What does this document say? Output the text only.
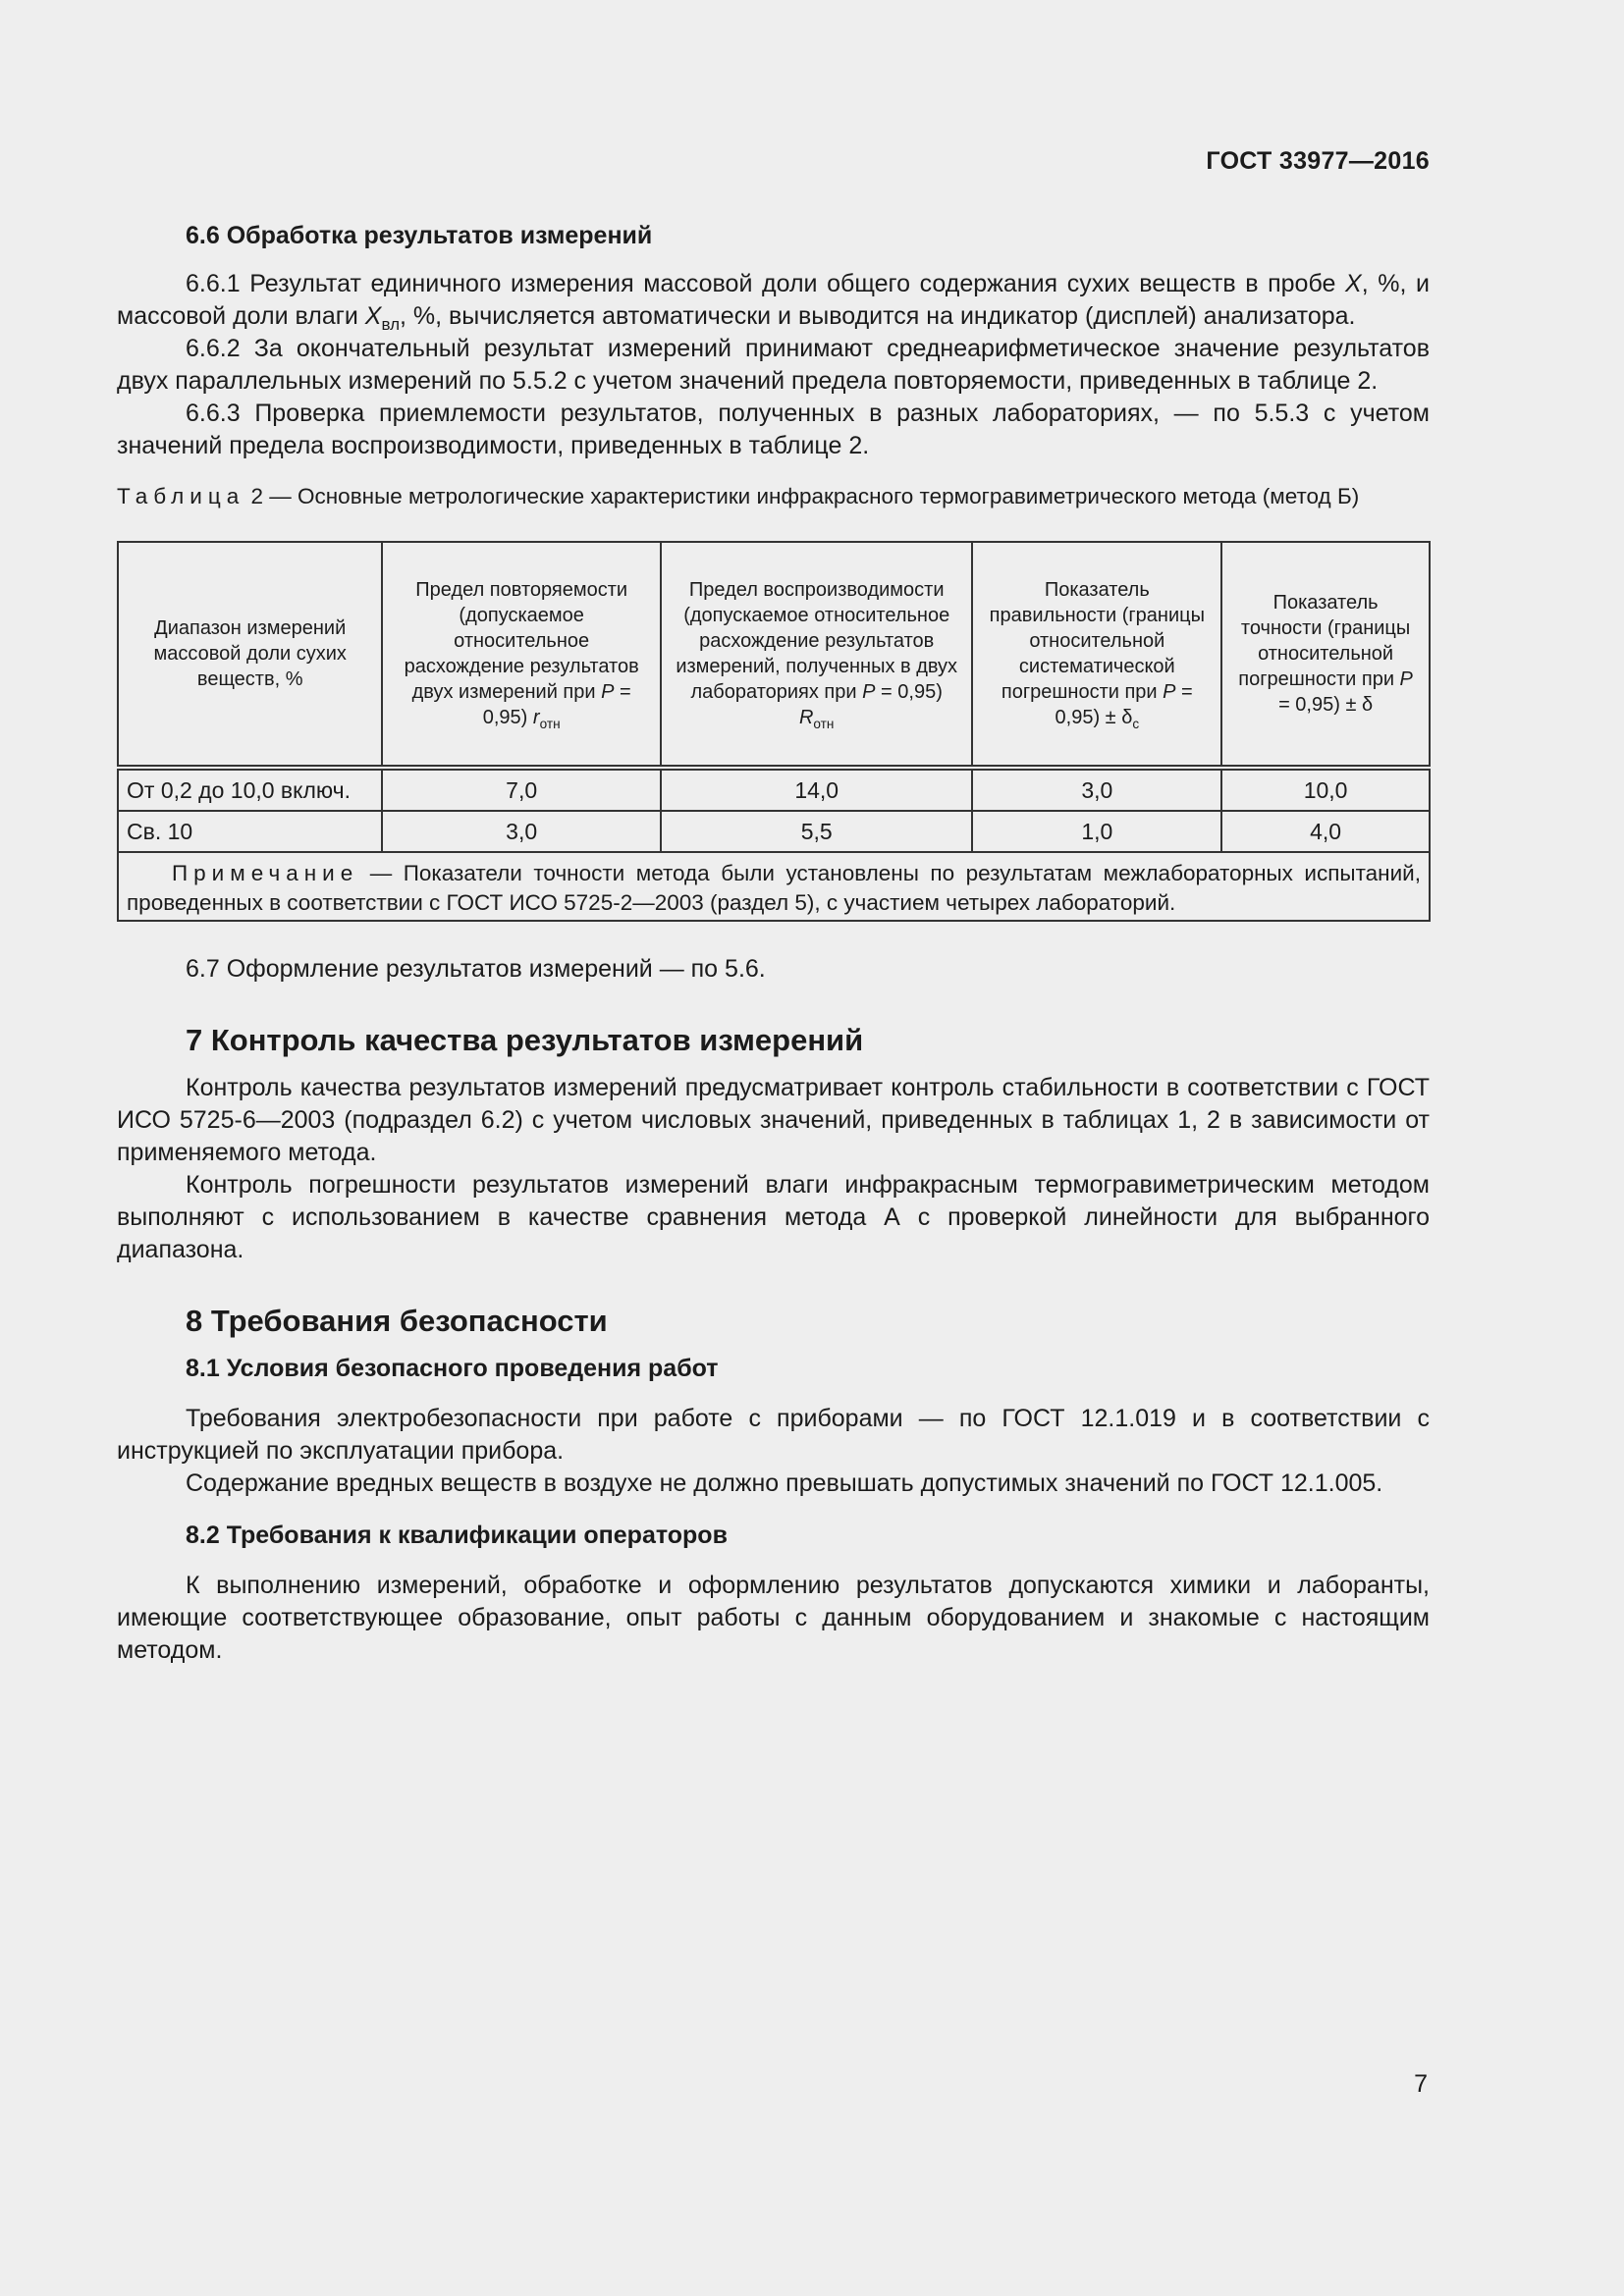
ГОСТ 33977—2016
6.6 Обработка результатов измерений

6.6.1 Результат единичного измерения массовой доли общего содержания сухих веществ в пробе X, %, и массовой доли влаги $X_{вл}$, %, вычисляется автоматически и выводится на индикатор (дисплей) анализатора.

6.6.2 За окончательный результат измерений принимают среднеарифметическое значение результатов двух параллельных измерений по 5.5.2 с учетом значений предела повторяемости, приведенных в таблице 2.

6.6.3 Проверка приемлемости результатов, полученных в разных лабораториях, — по 5.5.3 с учетом значений предела воспроизводимости, приведенных в таблице 2.

Таблица 2 — Основные метрологические характеристики инфракрасного термогравиметрического метода (метод Б)

Диапазон измерений массовой доли сухих веществ, %	Предел повторяемости (допускаемое относительное расхождение результатов двух измерений при P = 0,95) $r_{отн}$	Предел воспроизводимости (допускаемое относительное расхождение результатов измерений, полученных в двух лабораториях при P = 0,95) $R_{отн}$	Показатель правильности (границы относительной систематической погрешности при $P = 0,95) \pm \delta_c$	Показатель точности (границы относительной погрешности при P = 0,95) ± δ
От 0,2 до 10,0 включ.	7,0	14,0	3,0	10,0
Св. 10	3,0	5,5	1,0	4,0
Примечание — Показатели точности метода были установлены по результатам межлабораторных испытаний, проведенных в соответствии с ГОСТ ИСО 5725-2—2003 (раздел 5), с участием четырех лабораторий.				

6.7 Оформление результатов измерений — по 5.6.

7 Контроль качества результатов измерений

Контроль качества результатов измерений предусматривает контроль стабильности в соответствии с ГОСТ ИСО 5725-6—2003 (подраздел 6.2) с учетом числовых значений, приведенных в таблицах 1, 2 в зависимости от применяемого метода.

Контроль погрешности результатов измерений влаги инфракрасным термогравиметрическим методом выполняют с использованием в качестве сравнения метода А с проверкой линейности для выбранного диапазона.

8 Требования безопасности
8.1 Условия безопасного проведения работ

Требования электробезопасности при работе с приборами — по ГОСТ 12.1.019 и в соответствии с инструкцией по эксплуатации прибора.

Содержание вредных веществ в воздухе не должно превышать допустимых значений по ГОСТ 12.1.005.

8.2 Требования к квалификации операторов

К выполнению измерений, обработке и оформлению результатов допускаются химики и лаборанты, имеющие соответствующее образование, опыт работы с данным оборудованием и знакомые с настоящим методом.

7
